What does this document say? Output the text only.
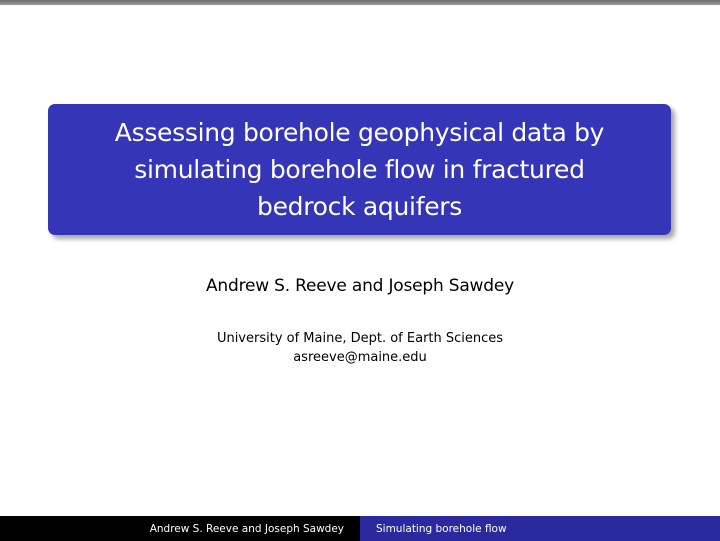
Assessing borehole geophysical data by
simulating borehole flow in fractured
bedrock aquifers
Andrew S. Reeve and Joseph Sawdey
University of Maine, Dept. of Earth Sciences
asreeve@maine.edu
Andrew S. Reeve and Joseph Sawdey	Simulating borehole flow
